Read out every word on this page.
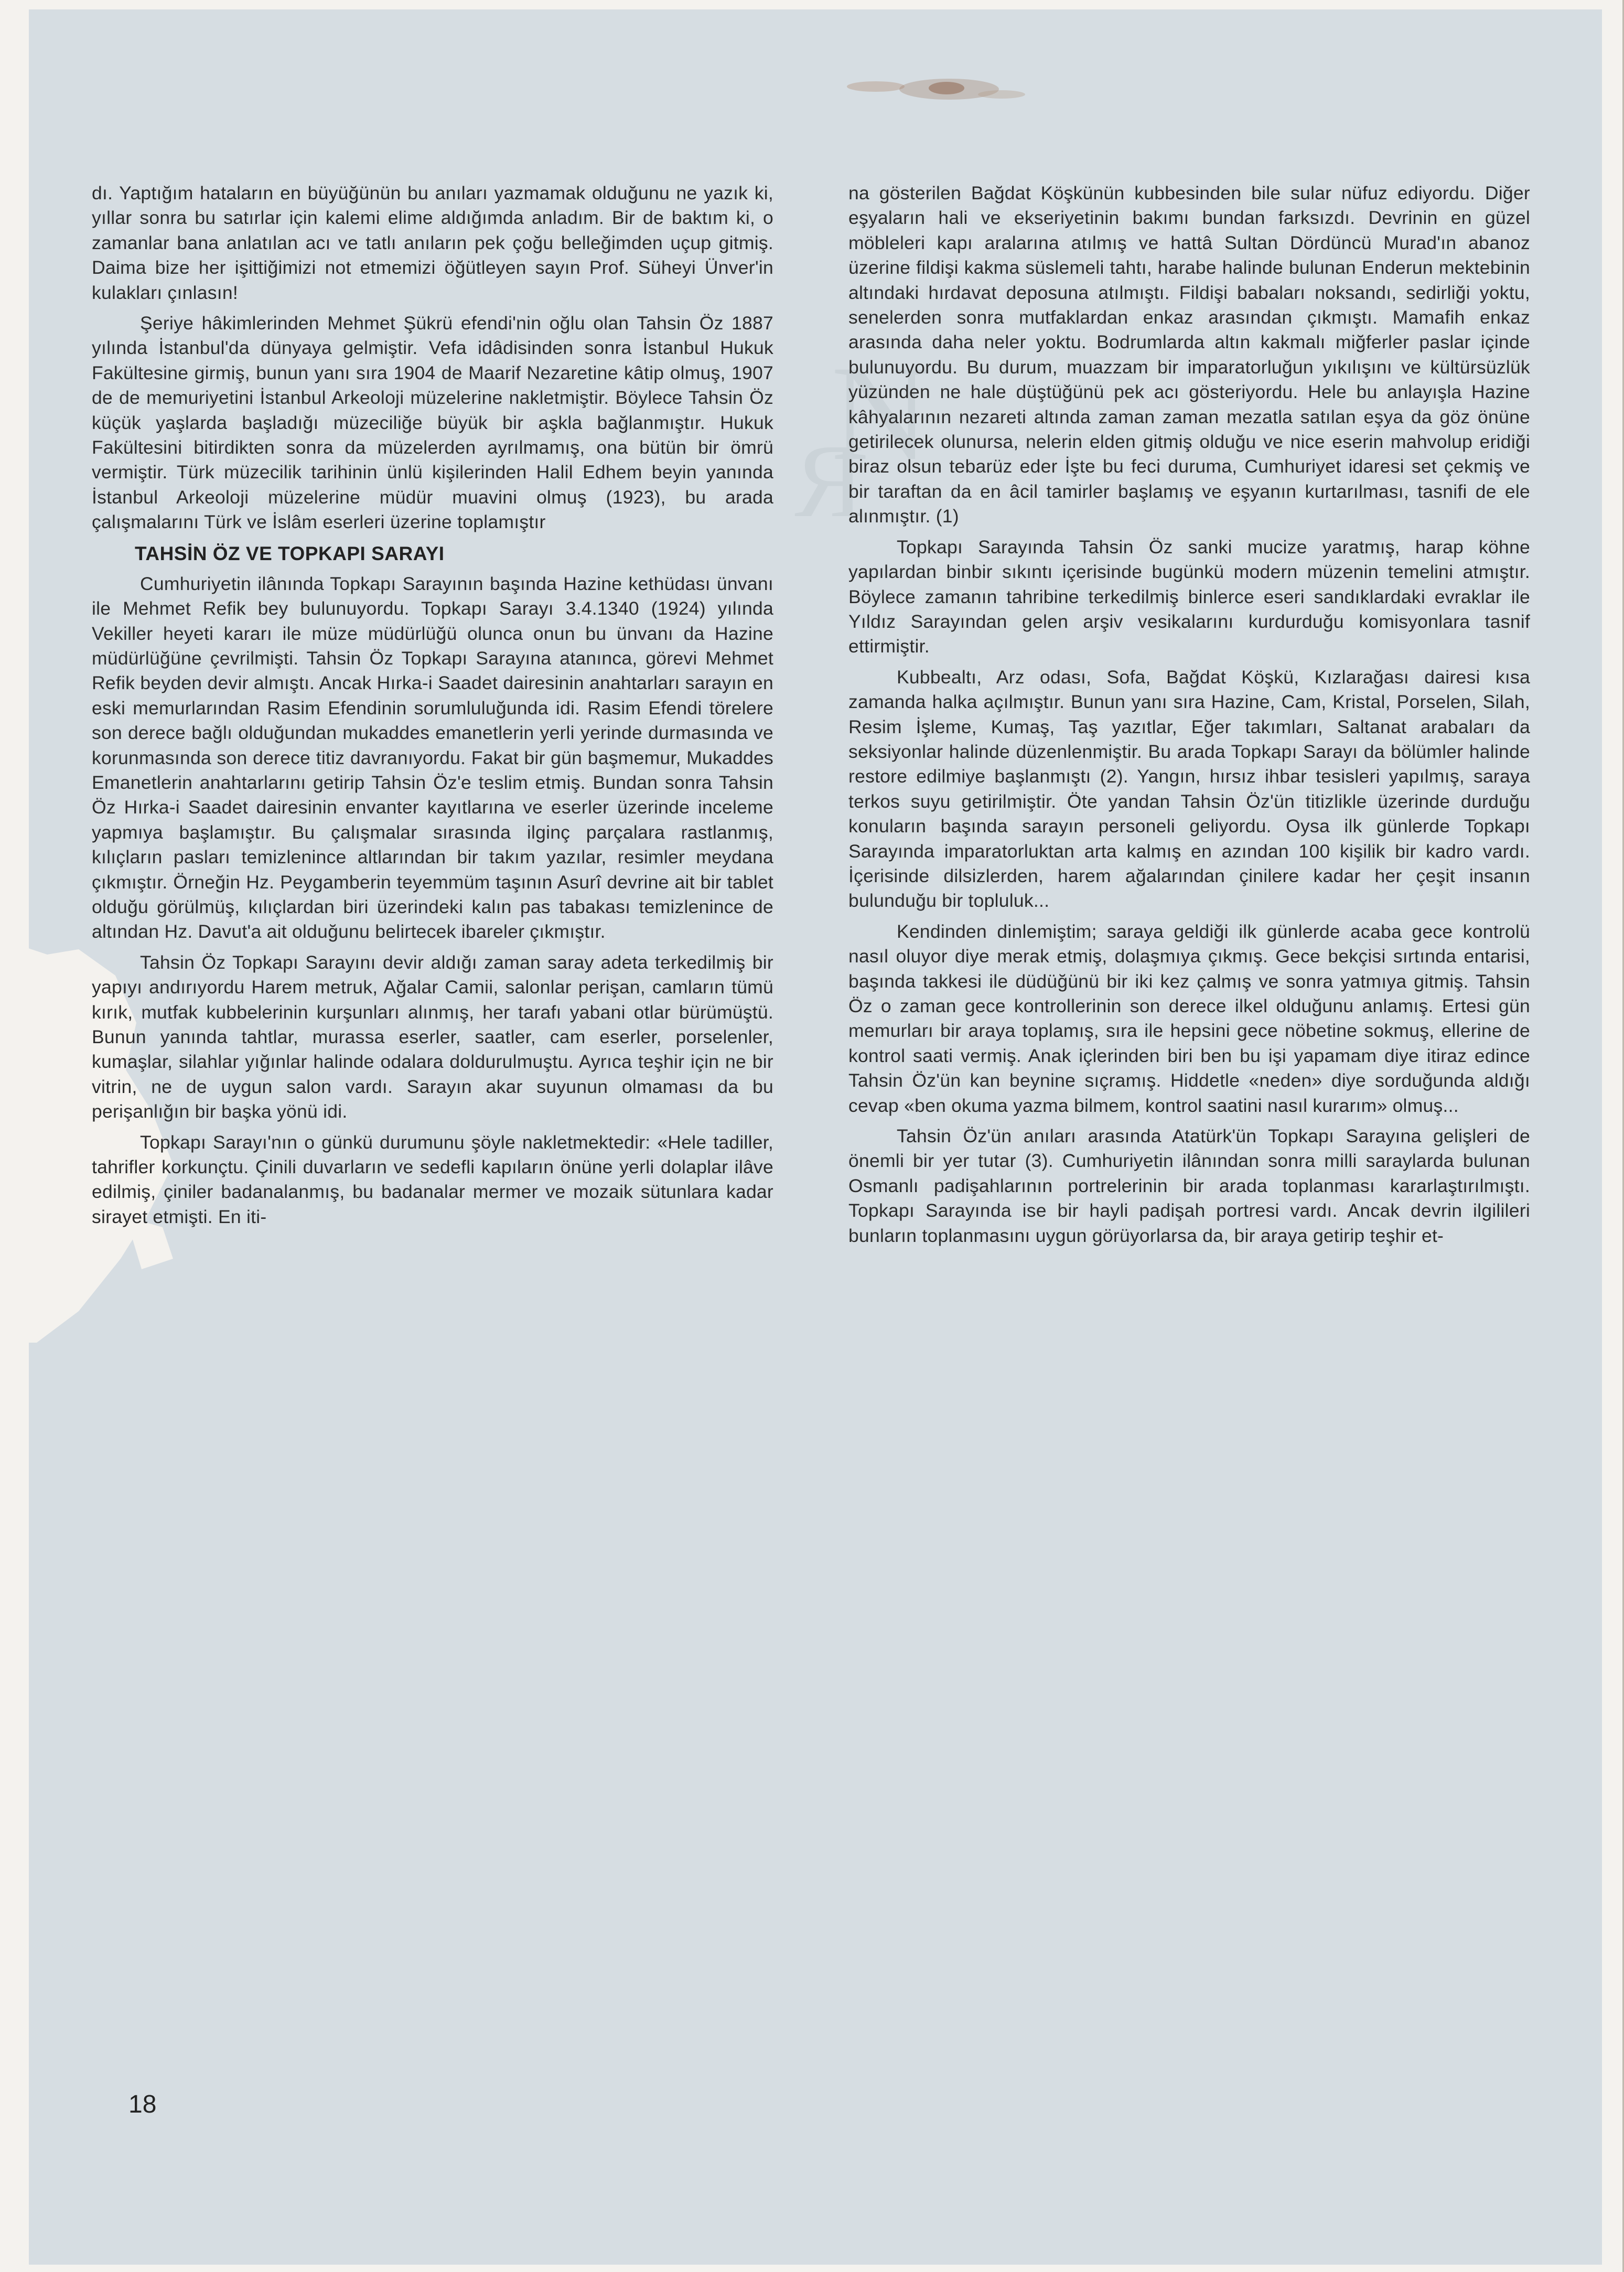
N
Я

dı. Yaptığım hataların en büyüğünün bu anıları yazmamak olduğunu ne yazık ki, yıllar sonra bu satırlar için kalemi elime aldığımda anladım. Bir de baktım ki, o zamanlar bana anlatılan acı ve tatlı anıların pek çoğu belleğimden uçup gitmiş. Daima bize her işittiğimizi not etmemizi öğütleyen sayın Prof. Süheyi Ünver'in kulakları çınlasın!

Şeriye hâkimlerinden Mehmet Şükrü efendi'nin oğlu olan Tahsin Öz 1887 yılında İstanbul'da dünyaya gelmiştir. Vefa idâdisinden sonra İstanbul Hukuk Fakültesine girmiş, bunun yanı sıra 1904 de Maarif Nezaretine kâtip olmuş, 1907 de de memuriyetini İstanbul Arkeoloji müzelerine nakletmiştir. Böylece Tahsin Öz küçük yaşlarda başladığı müzeciliğe büyük bir aşkla bağlanmıştır. Hukuk Fakültesini bitirdikten sonra da müzelerden ayrılmamış, ona bütün bir ömrü vermiştir. Türk müzecilik tarihinin ünlü kişilerinden Halil Edhem beyin yanında İstanbul Arkeoloji müzelerine müdür muavini olmuş (1923), bu arada çalışmalarını Türk ve İslâm eserleri üzerine toplamıştır

TAHSİN ÖZ VE TOPKAPI SARAYI

Cumhuriyetin ilânında Topkapı Sarayının başında Hazine kethüdası ünvanı ile Mehmet Refik bey bulunuyordu. Topkapı Sarayı 3.4.1340 (1924) yılında Vekiller heyeti kararı ile müze müdürlüğü olunca onun bu ünvanı da Hazine müdürlüğüne çevrilmişti. Tahsin Öz Topkapı Sarayına atanınca, görevi Mehmet Refik beyden devir almıştı. Ancak Hırka-i Saadet dairesinin anahtarları sarayın en eski memurlarından Rasim Efendinin sorumluluğunda idi. Rasim Efendi törelere son derece bağlı olduğundan mukaddes emanetlerin yerli yerinde durmasında ve korunmasında son derece titiz davranıyordu. Fakat bir gün başmemur, Mukaddes Emanetlerin anahtarlarını getirip Tahsin Öz'e teslim etmiş. Bundan sonra Tahsin Öz Hırka-i Saadet dairesinin envanter kayıtlarına ve eserler üzerinde inceleme yapmıya başlamıştır. Bu çalışmalar sırasında ilginç parçalara rastlanmış, kılıçların pasları temizlenince altlarından bir takım yazılar, resimler meydana çıkmıştır. Örneğin Hz. Peygamberin teyemmüm taşının Asurî devrine ait bir tablet olduğu görülmüş, kılıçlardan biri üzerindeki kalın pas tabakası temizlenince de altından Hz. Davut'a ait olduğunu belirtecek ibareler çıkmıştır.

Tahsin Öz Topkapı Sarayını devir aldığı zaman saray adeta terkedilmiş bir yapıyı andırıyordu Harem metruk, Ağalar Camii, salonlar perişan, camların tümü kırık, mutfak kubbelerinin kurşunları alınmış, her tarafı yabani otlar bürümüştü. Bunun yanında tahtlar, murassa eserler, saatler, cam eserler, porselenler, kumaşlar, silahlar yığınlar halinde odalara doldurulmuştu. Ayrıca teşhir için ne bir vitrin, ne de uygun salon vardı. Sarayın akar suyunun olmaması da bu perişanlığın bir başka yönü idi.

Topkapı Sarayı'nın o günkü durumunu şöyle nakletmektedir: «Hele tadiller, tahrifler korkunçtu. Çinili duvarların ve sedefli kapıların önüne yerli dolaplar ilâve edilmiş, çiniler badanalanmış, bu badanalar mermer ve mozaik sütunlara kadar sirayet etmişti. En iti-

na gösterilen Bağdat Köşkünün kubbesinden bile sular nüfuz ediyordu. Diğer eşyaların hali ve ekseriyetinin bakımı bundan farksızdı. Devrinin en güzel möbleleri kapı aralarına atılmış ve hattâ Sultan Dördüncü Murad'ın abanoz üzerine fildişi kakma süslemeli tahtı, harabe halinde bulunan Enderun mektebinin altındaki hırdavat deposuna atılmıştı. Fildişi babaları noksandı, sedirliği yoktu, senelerden sonra mutfaklardan enkaz arasından çıkmıştı. Mamafih enkaz arasında daha neler yoktu. Bodrumlarda altın kakmalı miğferler paslar içinde bulunuyordu. Bu durum, muazzam bir imparatorluğun yıkılışını ve kültürsüzlük yüzünden ne hale düştüğünü pek acı gösteriyordu. Hele bu anlayışla Hazine kâhyalarının nezareti altında zaman zaman mezatla satılan eşya da göz önüne getirilecek olunursa, nelerin elden gitmiş olduğu ve nice eserin mahvolup eridiği biraz olsun tebarüz eder İşte bu feci duruma, Cumhuriyet idaresi set çekmiş ve bir taraftan da en âcil tamirler başlamış ve eşyanın kurtarılması, tasnifi de ele alınmıştır. (1)

Topkapı Sarayında Tahsin Öz sanki mucize yaratmış, harap köhne yapılardan binbir sıkıntı içerisinde bugünkü modern müzenin temelini atmıştır. Böylece zamanın tahribine terkedilmiş binlerce eseri sandıklardaki evraklar ile Yıldız Sarayından gelen arşiv vesikalarını kurdurduğu komisyonlara tasnif ettirmiştir.

Kubbealtı, Arz odası, Sofa, Bağdat Köşkü, Kızlarağası dairesi kısa zamanda halka açılmıştır. Bunun yanı sıra Hazine, Cam, Kristal, Porselen, Silah, Resim İşleme, Kumaş, Taş yazıtlar, Eğer takımları, Saltanat arabaları da seksiyonlar halinde düzenlenmiştir. Bu arada Topkapı Sarayı da bölümler halinde restore edilmiye başlanmıştı (2). Yangın, hırsız ihbar tesisleri yapılmış, saraya terkos suyu getirilmiştir. Öte yandan Tahsin Öz'ün titizlikle üzerinde durduğu konuların başında sarayın personeli geliyordu. Oysa ilk günlerde Topkapı Sarayında imparatorluktan arta kalmış en azından 100 kişilik bir kadro vardı. İçerisinde dilsizlerden, harem ağalarından çinilere kadar her çeşit insanın bulunduğu bir topluluk...

Kendinden dinlemiştim; saraya geldiği ilk günlerde acaba gece kontrolü nasıl oluyor diye merak etmiş, dolaşmıya çıkmış. Gece bekçisi sırtında entarisi, başında takkesi ile düdüğünü bir iki kez çalmış ve sonra yatmıya gitmiş. Tahsin Öz o zaman gece kontrollerinin son derece ilkel olduğunu anlamış. Ertesi gün memurları bir araya toplamış, sıra ile hepsini gece nöbetine sokmuş, ellerine de kontrol saati vermiş. Anak içlerinden biri ben bu işi yapamam diye itiraz edince Tahsin Öz'ün kan beynine sıçramış. Hiddetle «neden» diye sorduğunda aldığı cevap «ben okuma yazma bilmem, kontrol saatini nasıl kurarım» olmuş...

Tahsin Öz'ün anıları arasında Atatürk'ün Topkapı Sarayına gelişleri de önemli bir yer tutar (3). Cumhuriyetin ilânından sonra milli saraylarda bulunan Osmanlı padişahlarının portrelerinin bir arada toplanması kararlaştırılmıştı. Topkapı Sarayında ise bir hayli padişah portresi vardı. Ancak devrin ilgilileri bunların toplanmasını uygun görüyorlarsa da, bir araya getirip teşhir et-

18
